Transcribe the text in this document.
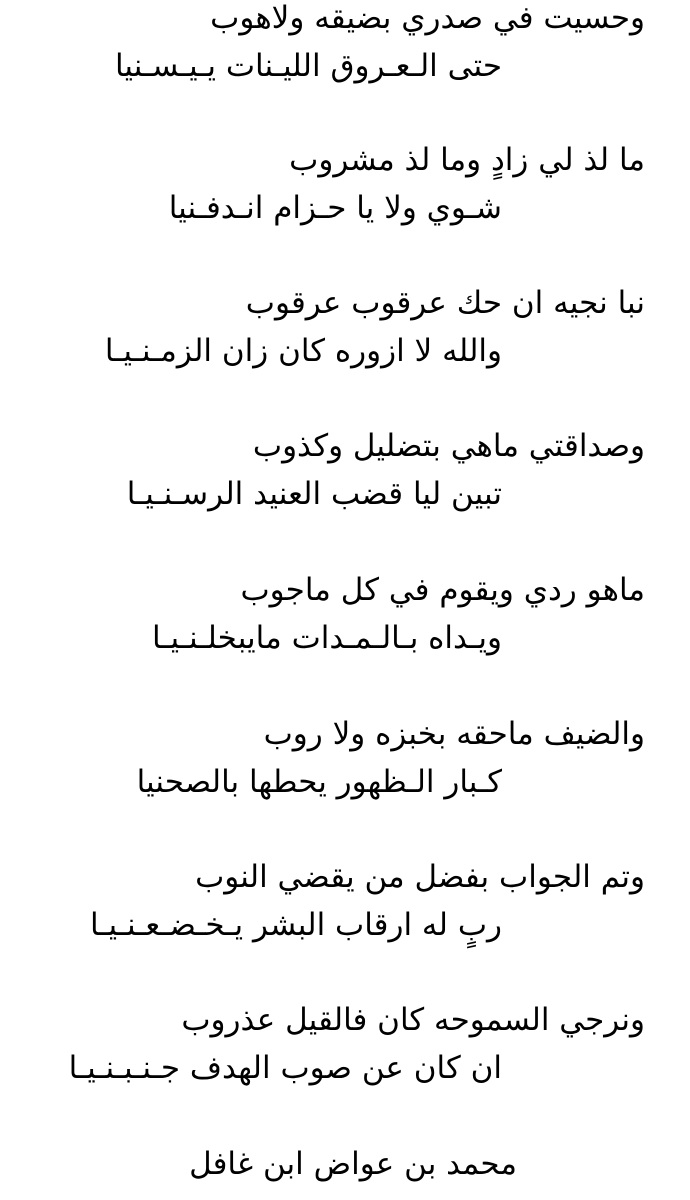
وحسيت في صدري بضيقه ولاهوب
حتى الـعـروق الليـنات يـيـسـنيا
ما لذ لي زادٍ وما لذ مشروب
شـوي ولا يا حـزام انـدفـنيا
نبا نجيه ان حك عرقوب عرقوب
والله لا ازوره كان زان الزمـنـيـا
وصداقتي ماهي بتضليل وكذوب
تبين ليا قضب العنيد الرسـنـيـا
ماهو ردي ويقوم في كل ماجوب
ويـداه بـالـمـدات مايبخلـنـيـا
والضيف ماحقه بخبزه ولا روب
كـبار الـظهور يحطها بالصحنيا
وتم الجواب بفضل من يقضي النوب
ربٍ له ارقاب البشر يـخـضـعـنـيـا
ونرجي السموحه كان فالقيل عذروب
ان كان عن صوب الهدف جـنـبـنـيـا
محمد بن عواض ابن غافل
